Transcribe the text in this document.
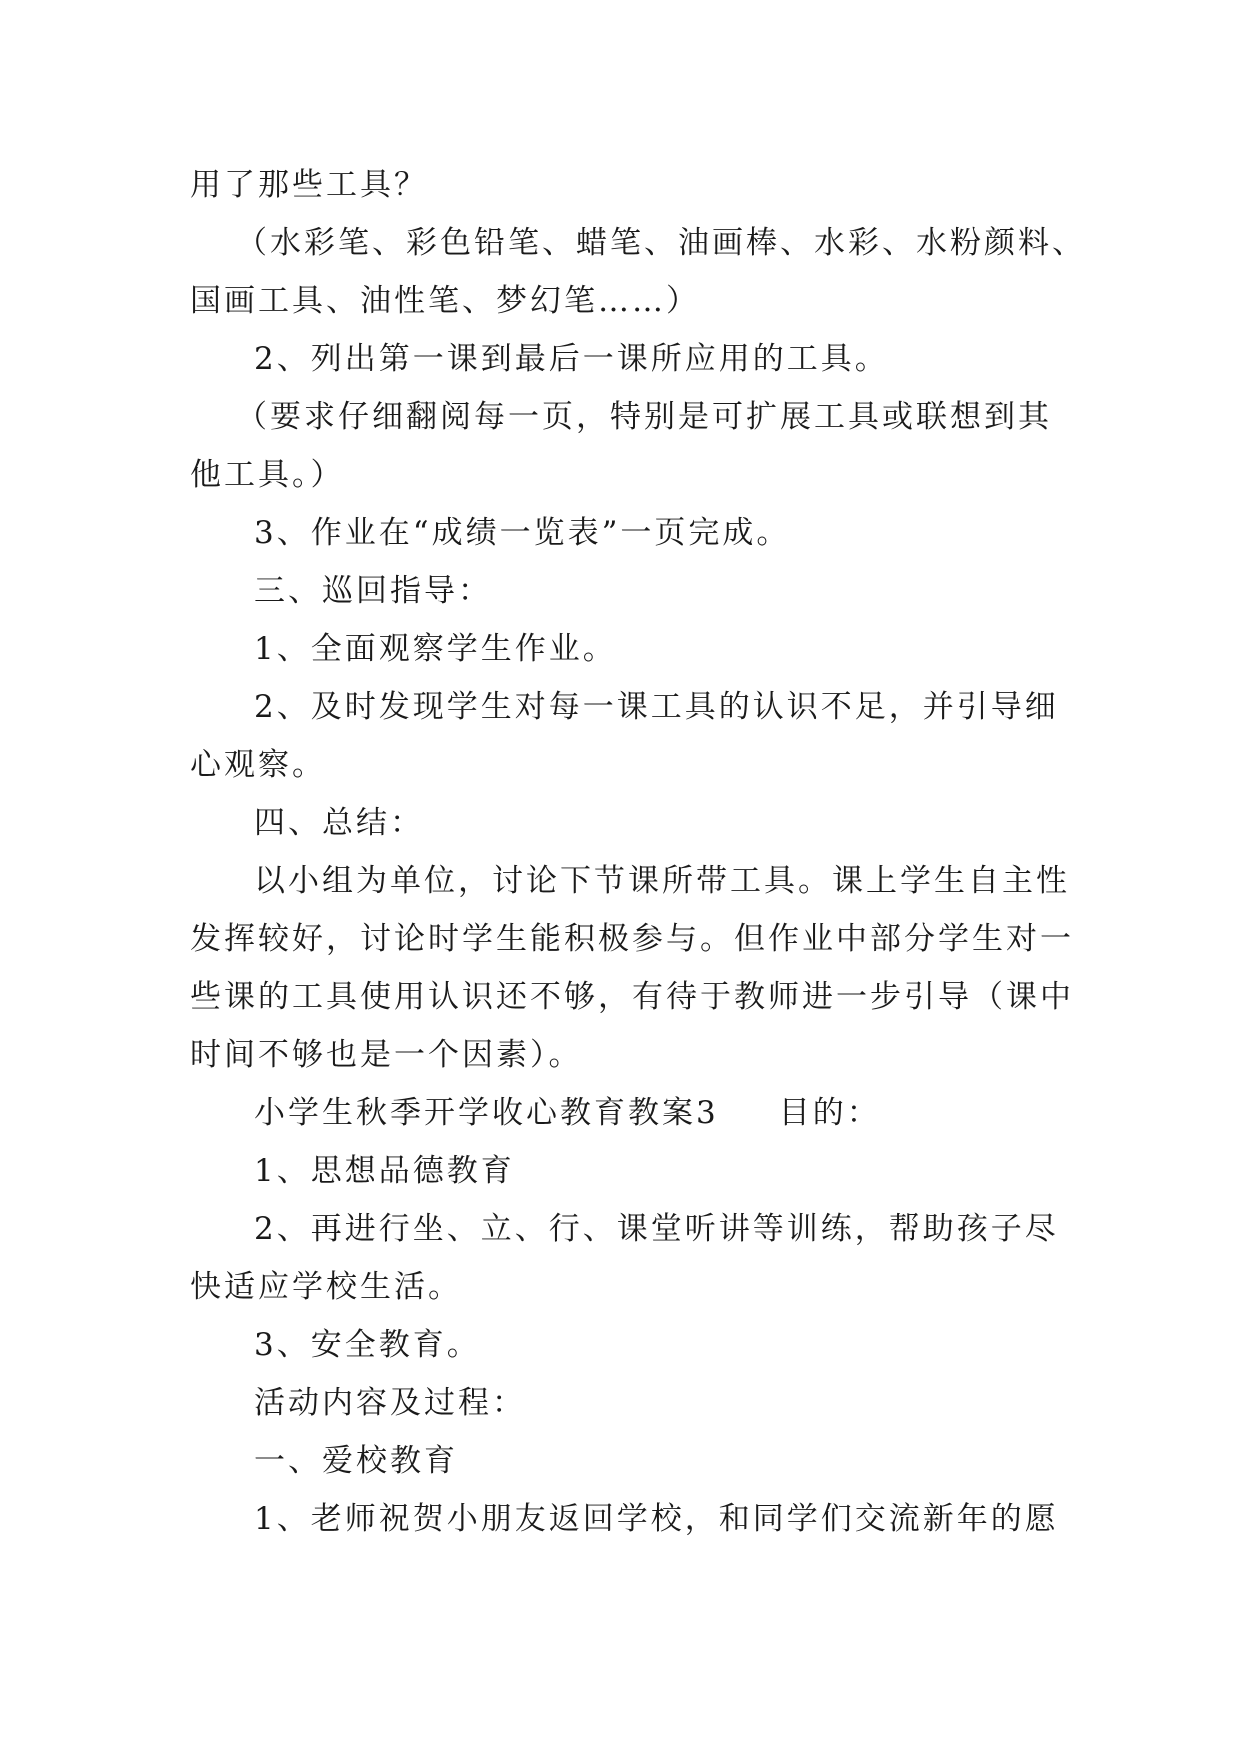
用了那些工具？

（水彩笔、彩色铅笔、蜡笔、油画棒、水彩、水粉颜料、

国画工具、油性笔、梦幻笔……）

2、列出第一课到最后一课所应用的工具。

（要求仔细翻阅每一页，特别是可扩展工具或联想到其

他工具。）

3、作业在“成绩一览表”一页完成。

三、巡回指导：

1、全面观察学生作业。

2、及时发现学生对每一课工具的认识不足，并引导细

心观察。

四、总结：

以小组为单位，讨论下节课所带工具。课上学生自主性

发挥较好，讨论时学生能积极参与。但作业中部分学生对一

些课的工具使用认识还不够，有待于教师进一步引导（课中

时间不够也是一个因素）。

小学生秋季开学收心教育教案3 目的：

1、思想品德教育

2、再进行坐、立、行、课堂听讲等训练，帮助孩子尽

快适应学校生活。

3、安全教育。

活动内容及过程：

一、爱校教育

1、老师祝贺小朋友返回学校，和同学们交流新年的愿
